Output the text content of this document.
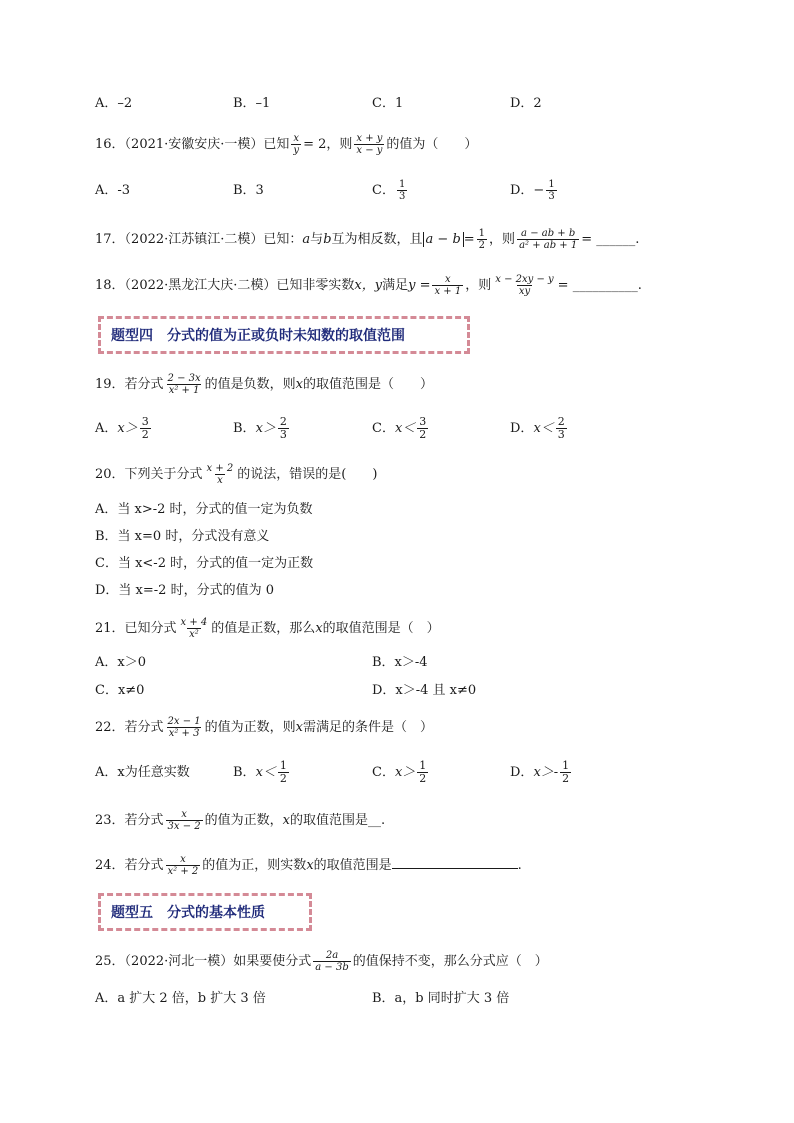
A．–2	B．–1	C．1	D．2
16．（2021·安徽安庆·一模）已知 $\frac{x}{y} = 2$，则 $\frac{x + y}{x - y}$ 的值为（　　）
A．-3	B．3	C． $\frac{1}{3}$	D．− $\frac{1}{3}$
17．（2022·江苏镇江·二模）已知：a与b互为相反数，且 $a - b = \frac{1}{2}$ ，则 $\frac{a - ab + b}{\text{a² + ab + 1}}$ = ______.
18．（2022·黑龙江大庆·二模）已知非零实数x，y满足$y = \frac{x}{x + 1}$ ，则 $\frac{x - 2xy - y}{xy}$ = __________.
题型四　分式的值为正或负时未知数的取值范围
19．若分式 $\frac{2 - 3x}{\text{x² + 1}}$ 的值是负数，则x的取值范围是（　　）
A．$x> \frac{3}{2}$	B．$x> \frac{2}{3}$	C．$x< \frac{3}{2}$	D．$x< \frac{2}{3}$
20．下列关于分式 $\frac{x + 2}{x}$ 的说法，错误的是(　　)
A．当 x>-2 时，分式的值一定为负数
B．当 x=0 时，分式没有意义
C．当 x<-2 时，分式的值一定为正数
D．当 x=-2 时，分式的值为 0
21．已知分式 $\frac{x + 4}{\text{x²}}$ 的值是正数，那么x的取值范围是（　）
A．x＞0	B．x＞-4
C．x≠0	D．x＞-4 且 x≠0
22．若分式 $\frac{2x - 1}{\text{x² + 3}}$ 的值为正数，则x需满足的条件是（　）
A．x为任意实数	B．$x< \frac{1}{2}$	C．$x> \frac{1}{2}$	D．$x>- \frac{1}{2}$
23．若分式 $\frac{x}{3x - 2}$ 的值为正数，x的取值范围是__.
24．若分式 $\frac{x}{\text{x² + 2}}$ 的值为正，则实数x的取值范围是	.
题型五　分式的基本性质
25．（2022·河北一模）如果要使分式 $\frac{2a}{a - 3b}$ 的值保持不变，那么分式应（　）
A．a 扩大 2 倍，b 扩大 3 倍	B．a，b 同时扩大 3 倍
